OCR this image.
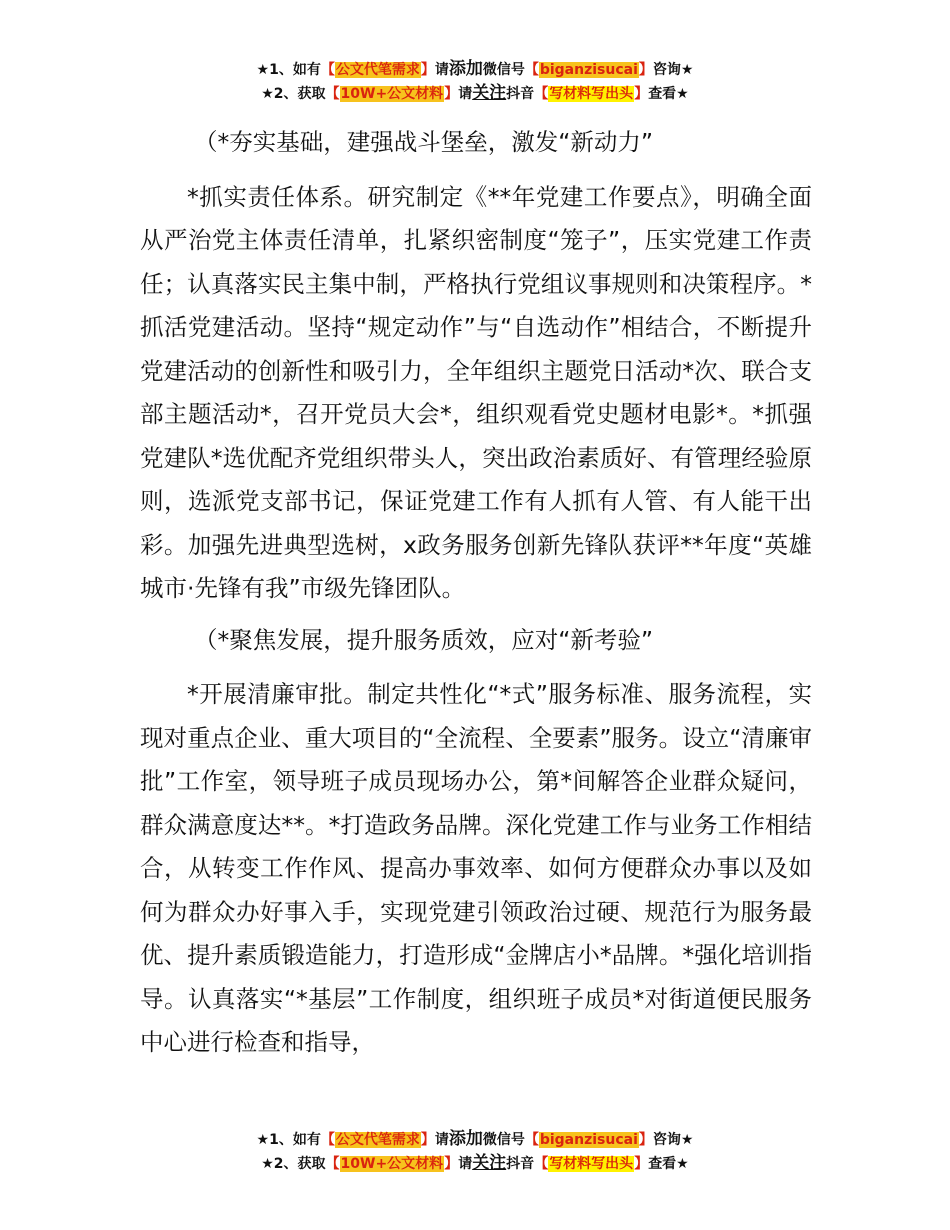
★1、如有【公文代笔需求】请添加微信号【biganzisucai】咨询★
★2、获取【10W+公文材料】请关注抖音【写材料写出头】查看★

（*夯实基础，建强战斗堡垒，激发“新动力”

*抓实责任体系。研究制定《**年党建工作要点》，明确全面从严治党主体责任清单，扎紧织密制度“笼子”，压实党建工作责任；认真落实民主集中制，严格执行党组议事规则和决策程序。*抓活党建活动。坚持“规定动作”与“自选动作”相结合，不断提升党建活动的创新性和吸引力，全年组织主题党日活动*次、联合支部主题活动*，召开党员大会*，组织观看党史题材电影*。*抓强党建队*选优配齐党组织带头人，突出政治素质好、有管理经验原则，选派党支部书记，保证党建工作有人抓有人管、有人能干出彩。加强先进典型选树，x政务服务创新先锋队获评**年度“英雄城市·先锋有我”市级先锋团队。

（*聚焦发展，提升服务质效，应对“新考验”

*开展清廉审批。制定共性化“*式”服务标准、服务流程，实现对重点企业、重大项目的“全流程、全要素”服务。设立“清廉审批”工作室，领导班子成员现场办公，第*间解答企业群众疑问，群众满意度达**。*打造政务品牌。深化党建工作与业务工作相结合，从转变工作作风、提高办事效率、如何方便群众办事以及如何为群众办好事入手，实现党建引领政治过硬、规范行为服务最优、提升素质锻造能力，打造形成“金牌店小*品牌。*强化培训指导。认真落实“*基层”工作制度，组织班子成员*对街道便民服务中心进行检查和指导，

★1、如有【公文代笔需求】请添加微信号【biganzisucai】咨询★
★2、获取【10W+公文材料】请关注抖音【写材料写出头】查看★
